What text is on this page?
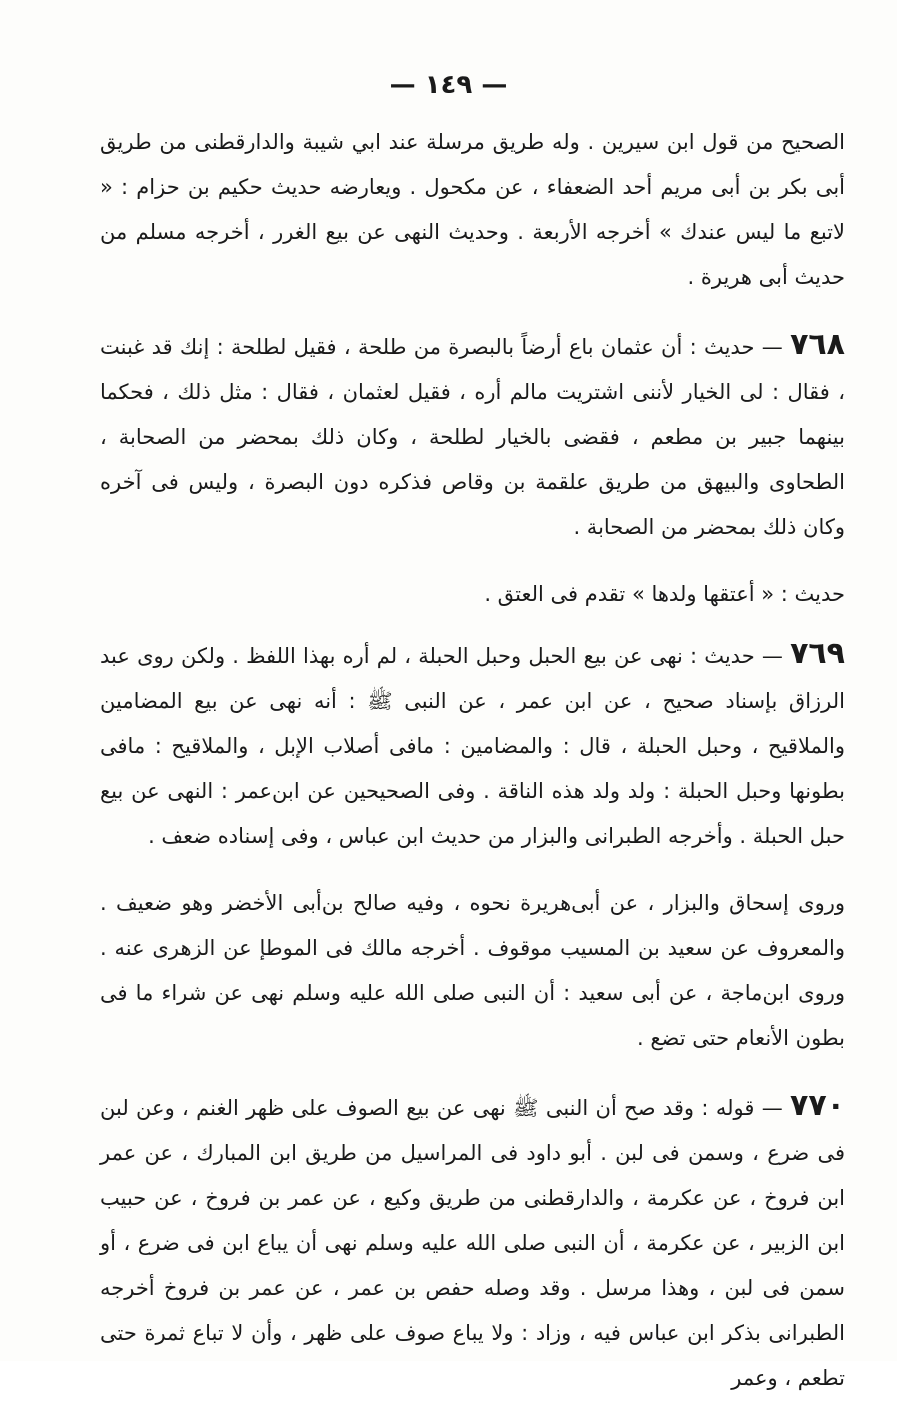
— ١٤٩ —

الصحيح من قول ابن سيرين . وله طريق مرسلة عند ابي شيبة والدارقطنى من طريق أبى بكر بن أبى مريم أحد الضعفاء ، عن مكحول . ويعارضه حديث حكيم بن حزام : « لاتبع ما ليس عندك » أخرجه الأربعة . وحديث النهى عن بيع الغرر ، أخرجه مسلم من حديث أبى هريرة .

٧٦٨ — حديث : أن عثمان باع أرضاً بالبصرة من طلحة ، فقيل لطلحة : إنك قد غبنت ، فقال : لى الخيار لأننى اشتريت مالم أره ، فقيل لعثمان ، فقال : مثل ذلك ، فحكما بينهما جبير بن مطعم ، فقضى بالخيار لطلحة ، وكان ذلك بمحضر من الصحابة ، الطحاوى والبيهق من طريق علقمة بن وقاص فذكره دون البصرة ، وليس فى آخره وكان ذلك بمحضر من الصحابة .

حديث : « أعتقها ولدها » تقدم فى العتق .

٧٦٩ — حديث : نهى عن بيع الحبل وحبل الحبلة ، لم أره بهذا اللفظ . ولكن روى عبد الرزاق بإسناد صحيح ، عن ابن عمر ، عن النبى ﷺ : أنه نهى عن بيع المضامين والملاقيح ، وحبل الحبلة ، قال : والمضامين : مافى أصلاب الإبل ، والملاقيح : مافى بطونها وحبل الحبلة : ولد ولد هذه الناقة . وفى الصحيحين عن ابن‌عمر : النهى عن بيع حبل الحبلة . وأخرجه الطبرانى والبزار من حديث ابن عباس ، وفى إسناده ضعف .

وروى إسحاق والبزار ، عن أبى‌هريرة نحوه ، وفيه صالح بن‌أبى الأخضر وهو ضعيف . والمعروف عن سعيد بن المسيب موقوف . أخرجه مالك فى الموطإ عن الزهرى عنه . وروى ابن‌ماجة ، عن أبى سعيد : أن النبى صلى الله عليه وسلم نهى عن شراء ما فى بطون الأنعام حتى تضع .

٧٧٠ — قوله : وقد صح أن النبى ﷺ نهى عن بيع الصوف على ظهر الغنم ، وعن لبن فى ضرع ، وسمن فى لبن . أبو داود فى المراسيل من طريق ابن المبارك ، عن عمر ابن فروخ ، عن عكرمة ، والدارقطنى من طريق وكيع ، عن عمر بن فروخ ، عن حبيب ابن الزبير ، عن عكرمة ، أن النبى صلى الله عليه وسلم نهى أن يباع ابن فى ضرع ، أو سمن فى لبن ، وهذا مرسل . وقد وصله حفص بن عمر ، عن عمر بن فروخ أخرجه الطبرانى بذكر ابن عباس فيه ، وزاد : ولا يباع صوف على ظهر ، وأن لا تباع ثمرة حتى تطعم ، وعمر
